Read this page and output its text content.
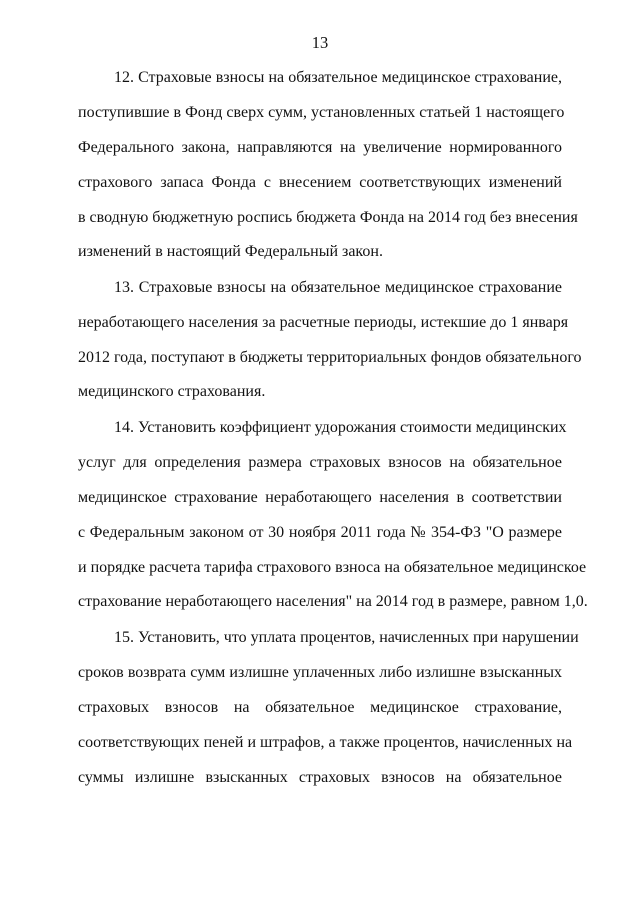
13
12. Страховые взносы на обязательное медицинское страхование,
поступившие в Фонд сверх сумм, установленных статьей 1 настоящего
Федерального закона, направляются на увеличение нормированного
страхового запаса Фонда с внесением соответствующих изменений
в сводную бюджетную роспись бюджета Фонда на 2014 год без внесения
изменений в настоящий Федеральный закон.
13. Страховые взносы на обязательное медицинское страхование
неработающего населения за расчетные периоды, истекшие до 1 января
2012 года, поступают в бюджеты территориальных фондов обязательного
медицинского страхования.
14. Установить коэффициент удорожания стоимости медицинских
услуг для определения размера страховых взносов на обязательное
медицинское страхование неработающего населения в соответствии
с Федеральным законом от 30 ноября 2011 года № 354-ФЗ "О размере
и порядке расчета тарифа страхового взноса на обязательное медицинское
страхование неработающего населения" на 2014 год в размере, равном 1,0.
15. Установить, что уплата процентов, начисленных при нарушении
сроков возврата сумм излишне уплаченных либо излишне взысканных
страховых взносов на обязательное медицинское страхование,
соответствующих пеней и штрафов, а также процентов, начисленных на
суммы излишне взысканных страховых взносов на обязательное
